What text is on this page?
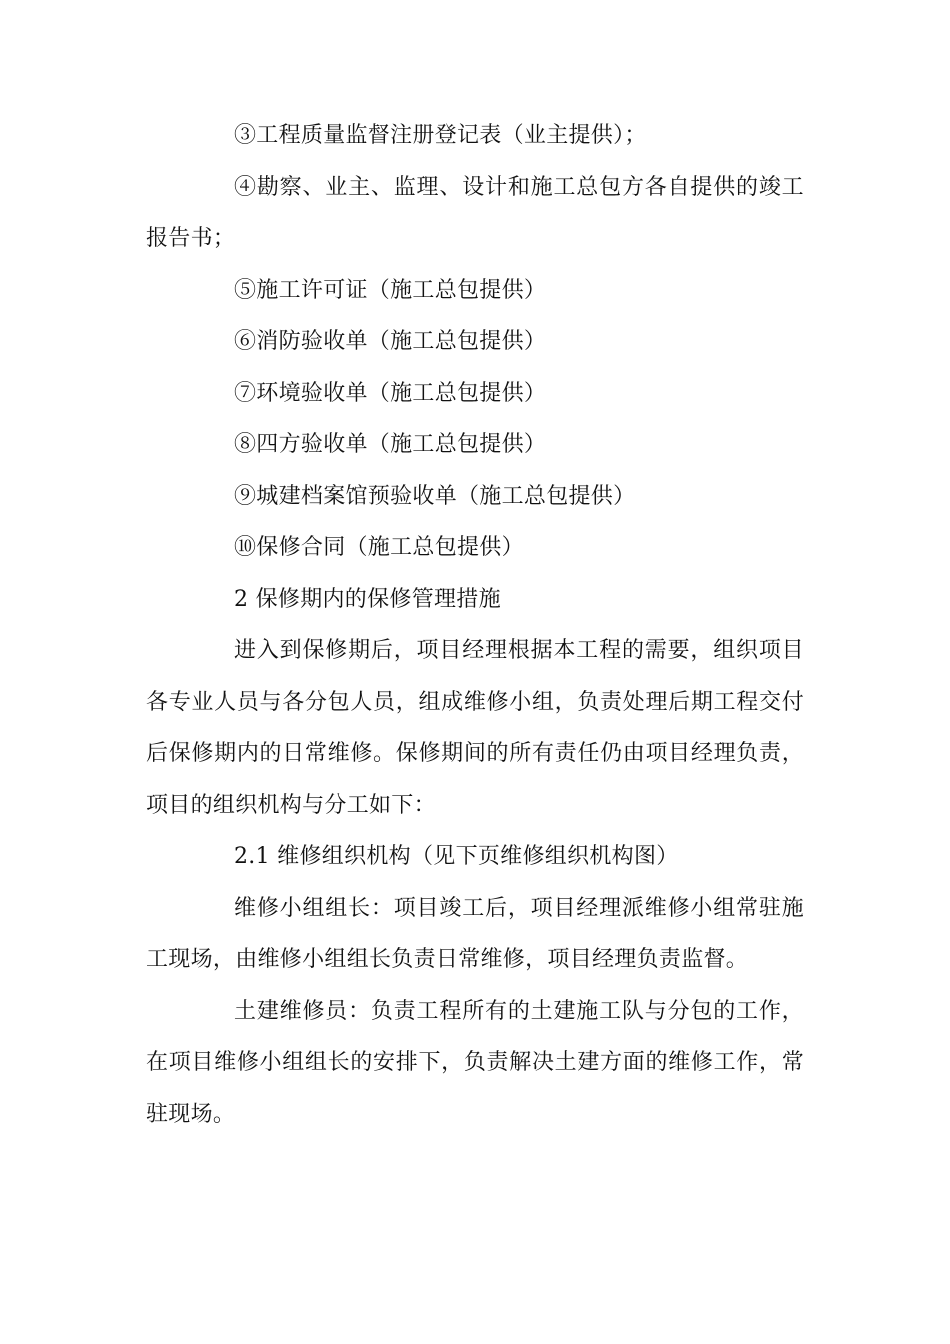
③工程质量监督注册登记表（业主提供）；

④勘察、业主、监理、设计和施工总包方各自提供的竣工报告书；

⑤施工许可证（施工总包提供）

⑥消防验收单（施工总包提供）

⑦环境验收单（施工总包提供）

⑧四方验收单（施工总包提供）

⑨城建档案馆预验收单（施工总包提供）

⑩保修合同（施工总包提供）

2 保修期内的保修管理措施

进入到保修期后，项目经理根据本工程的需要，组织项目各专业人员与各分包人员，组成维修小组，负责处理后期工程交付后保修期内的日常维修。保修期间的所有责任仍由项目经理负责，项目的组织机构与分工如下：

2.1 维修组织机构（见下页维修组织机构图）

维修小组组长：项目竣工后，项目经理派维修小组常驻施工现场，由维修小组组长负责日常维修，项目经理负责监督。

土建维修员：负责工程所有的土建施工队与分包的工作，在项目维修小组组长的安排下，负责解决土建方面的维修工作，常驻现场。
